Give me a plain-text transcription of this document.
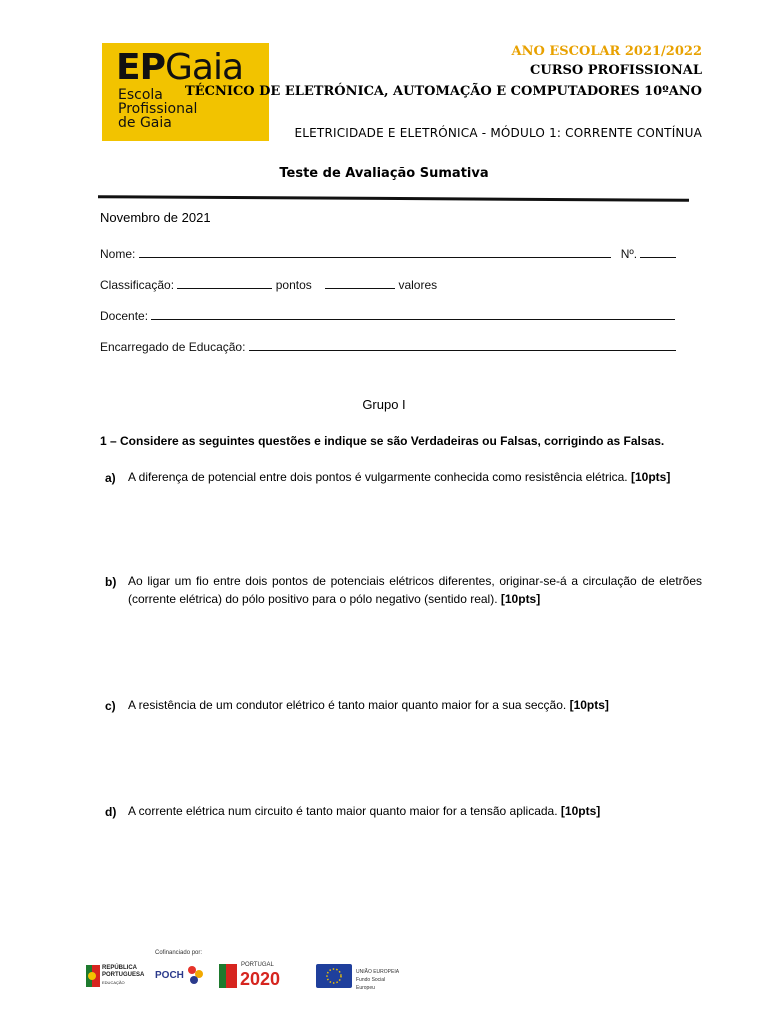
EPGaia
Escola
Profissional
de Gaia
ANO ESCOLAR 2021/2022
CURSO PROFISSIONAL
TÉCNICO DE ELETRÓNICA, AUTOMAÇÃO E COMPUTADORES 10ºANO
ELETRICIDADE E ELETRÓNICA - MÓDULO 1: CORRENTE CONTÍNUA
Teste de Avaliação Sumativa
Novembro de 2021
Nome:	Nº.
Classificação:	pontos	valores
Docente:
Encarregado de Educação:
Grupo I
1 – Considere as seguintes questões e indique se são Verdadeiras ou Falsas, corrigindo as Falsas.
a) A diferença de potencial entre dois pontos é vulgarmente conhecida como resistência elétrica. [10pts]
b) Ao ligar um fio entre dois pontos de potenciais elétricos diferentes, originar-se-á a circulação de eletrões (corrente elétrica) do pólo positivo para o pólo negativo (sentido real). [10pts]
c) A resistência de um condutor elétrico é tanto maior quanto maior for a sua secção. [10pts]
d) A corrente elétrica num circuito é tanto maior quanto maior for a tensão aplicada. [10pts]
Cofinanciado por:
REPÚBLICA
PORTUGUESA
EDUCAÇÃO
POCH
PORTUGAL
2020	UNIÃO EUROPEIA
Fundo Social Europeu
